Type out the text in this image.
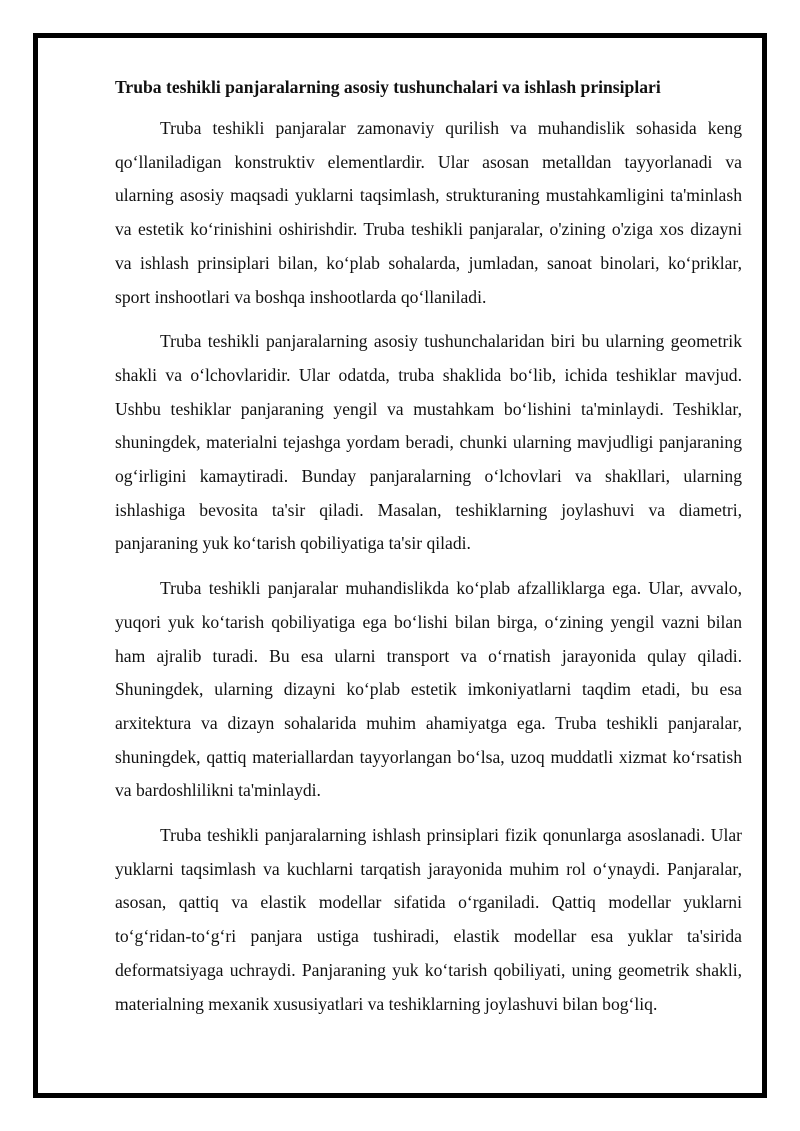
Truba teshikli panjaralarning asosiy tushunchalari va ishlash prinsiplari

Truba teshikli panjaralar zamonaviy qurilish va muhandislik sohasida keng qo‘llaniladigan konstruktiv elementlardir. Ular asosan metalldan tayyorlanadi va ularning asosiy maqsadi yuklarni taqsimlash, strukturaning mustahkamligini ta'minlash va estetik ko‘rinishini oshirishdir. Truba teshikli panjaralar, o'zining o'ziga xos dizayni va ishlash prinsiplari bilan, ko‘plab sohalarda, jumladan, sanoat binolari, ko‘priklar, sport inshootlari va boshqa inshootlarda qo‘llaniladi.

Truba teshikli panjaralarning asosiy tushunchalaridan biri bu ularning geometrik shakli va o‘lchovlaridir. Ular odatda, truba shaklida bo‘lib, ichida teshiklar mavjud. Ushbu teshiklar panjaraning yengil va mustahkam bo‘lishini ta'minlaydi. Teshiklar, shuningdek, materialni tejashga yordam beradi, chunki ularning mavjudligi panjaraning og‘irligini kamaytiradi. Bunday panjaralarning o‘lchovlari va shakllari, ularning ishlashiga bevosita ta'sir qiladi. Masalan, teshiklarning joylashuvi va diametri, panjaraning yuk ko‘tarish qobiliyatiga ta'sir qiladi.

Truba teshikli panjaralar muhandislikda ko‘plab afzalliklarga ega. Ular, avvalo, yuqori yuk ko‘tarish qobiliyatiga ega bo‘lishi bilan birga, o‘zining yengil vazni bilan ham ajralib turadi. Bu esa ularni transport va o‘rnatish jarayonida qulay qiladi. Shuningdek, ularning dizayni ko‘plab estetik imkoniyatlarni taqdim etadi, bu esa arxitektura va dizayn sohalarida muhim ahamiyatga ega. Truba teshikli panjaralar, shuningdek, qattiq materiallardan tayyorlangan bo‘lsa, uzoq muddatli xizmat ko‘rsatish va bardoshlilikni ta'minlaydi.

Truba teshikli panjaralarning ishlash prinsiplari fizik qonunlarga asoslanadi. Ular yuklarni taqsimlash va kuchlarni tarqatish jarayonida muhim rol o‘ynaydi. Panjaralar, asosan, qattiq va elastik modellar sifatida o‘rganiladi. Qattiq modellar yuklarni to‘g‘ridan-to‘g‘ri panjara ustiga tushiradi, elastik modellar esa yuklar ta'sirida deformatsiyaga uchraydi. Panjaraning yuk ko‘tarish qobiliyati, uning geometrik shakli, materialning mexanik xususiyatlari va teshiklarning joylashuvi bilan bog‘liq.
